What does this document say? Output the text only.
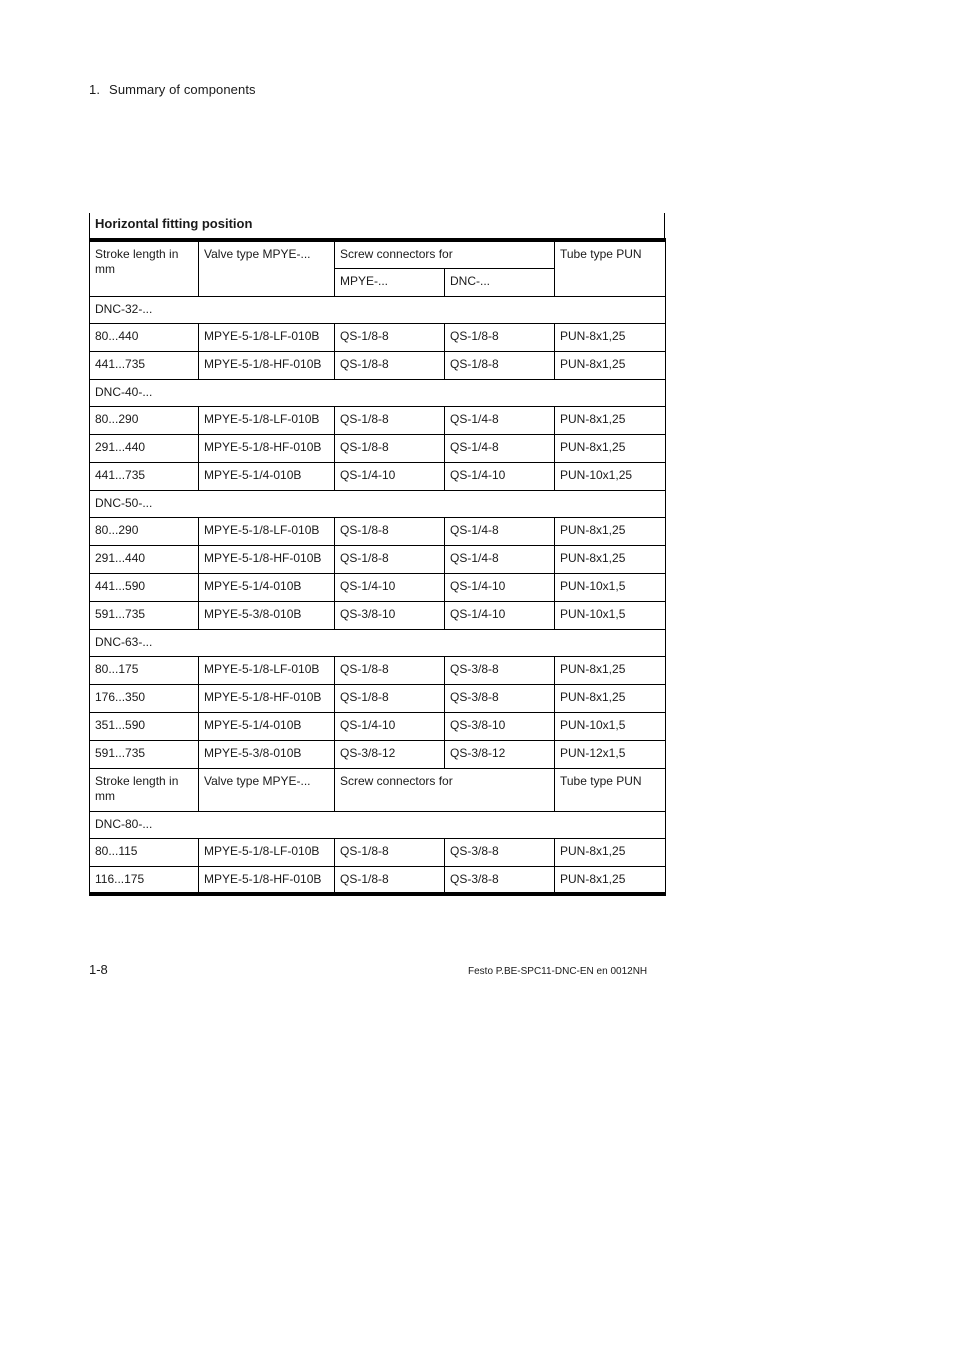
1. Summary of components
Horizontal fitting position
Stroke length in mm	Valve type MPYE-...	Screw connectors for		Tube type PUN
		MPYE-...	DNC-...	
DNC-32-...				
80...440	MPYE-5-1/8-LF-010B	QS-1/8-8	QS-1/8-8	PUN-8x1,25
441...735	MPYE-5-1/8-HF-010B	QS-1/8-8	QS-1/8-8	PUN-8x1,25
DNC-40-...				
80...290	MPYE-5-1/8-LF-010B	QS-1/8-8	QS-1/4-8	PUN-8x1,25
291...440	MPYE-5-1/8-HF-010B	QS-1/8-8	QS-1/4-8	PUN-8x1,25
441...735	MPYE-5-1/4-010B	QS-1/4-10	QS-1/4-10	PUN-10x1,25
DNC-50-...				
80...290	MPYE-5-1/8-LF-010B	QS-1/8-8	QS-1/4-8	PUN-8x1,25
291...440	MPYE-5-1/8-HF-010B	QS-1/8-8	QS-1/4-8	PUN-8x1,25
441...590	MPYE-5-1/4-010B	QS-1/4-10	QS-1/4-10	PUN-10x1,5
591...735	MPYE-5-3/8-010B	QS-3/8-10	QS-1/4-10	PUN-10x1,5
DNC-63-...				
80...175	MPYE-5-1/8-LF-010B	QS-1/8-8	QS-3/8-8	PUN-8x1,25
176...350	MPYE-5-1/8-HF-010B	QS-1/8-8	QS-3/8-8	PUN-8x1,25
351...590	MPYE-5-1/4-010B	QS-1/4-10	QS-3/8-10	PUN-10x1,5
591...735	MPYE-5-3/8-010B	QS-3/8-12	QS-3/8-12	PUN-12x1,5
Stroke length in mm	Valve type MPYE-...	Screw connectors for		Tube type PUN
DNC-80-...				
80...115	MPYE-5-1/8-LF-010B	QS-1/8-8	QS-3/8-8	PUN-8x1,25
116...175	MPYE-5-1/8-HF-010B	QS-1/8-8	QS-3/8-8	PUN-8x1,25
1-8	Festo P.BE-SPC11-DNC-EN en 0012NH
